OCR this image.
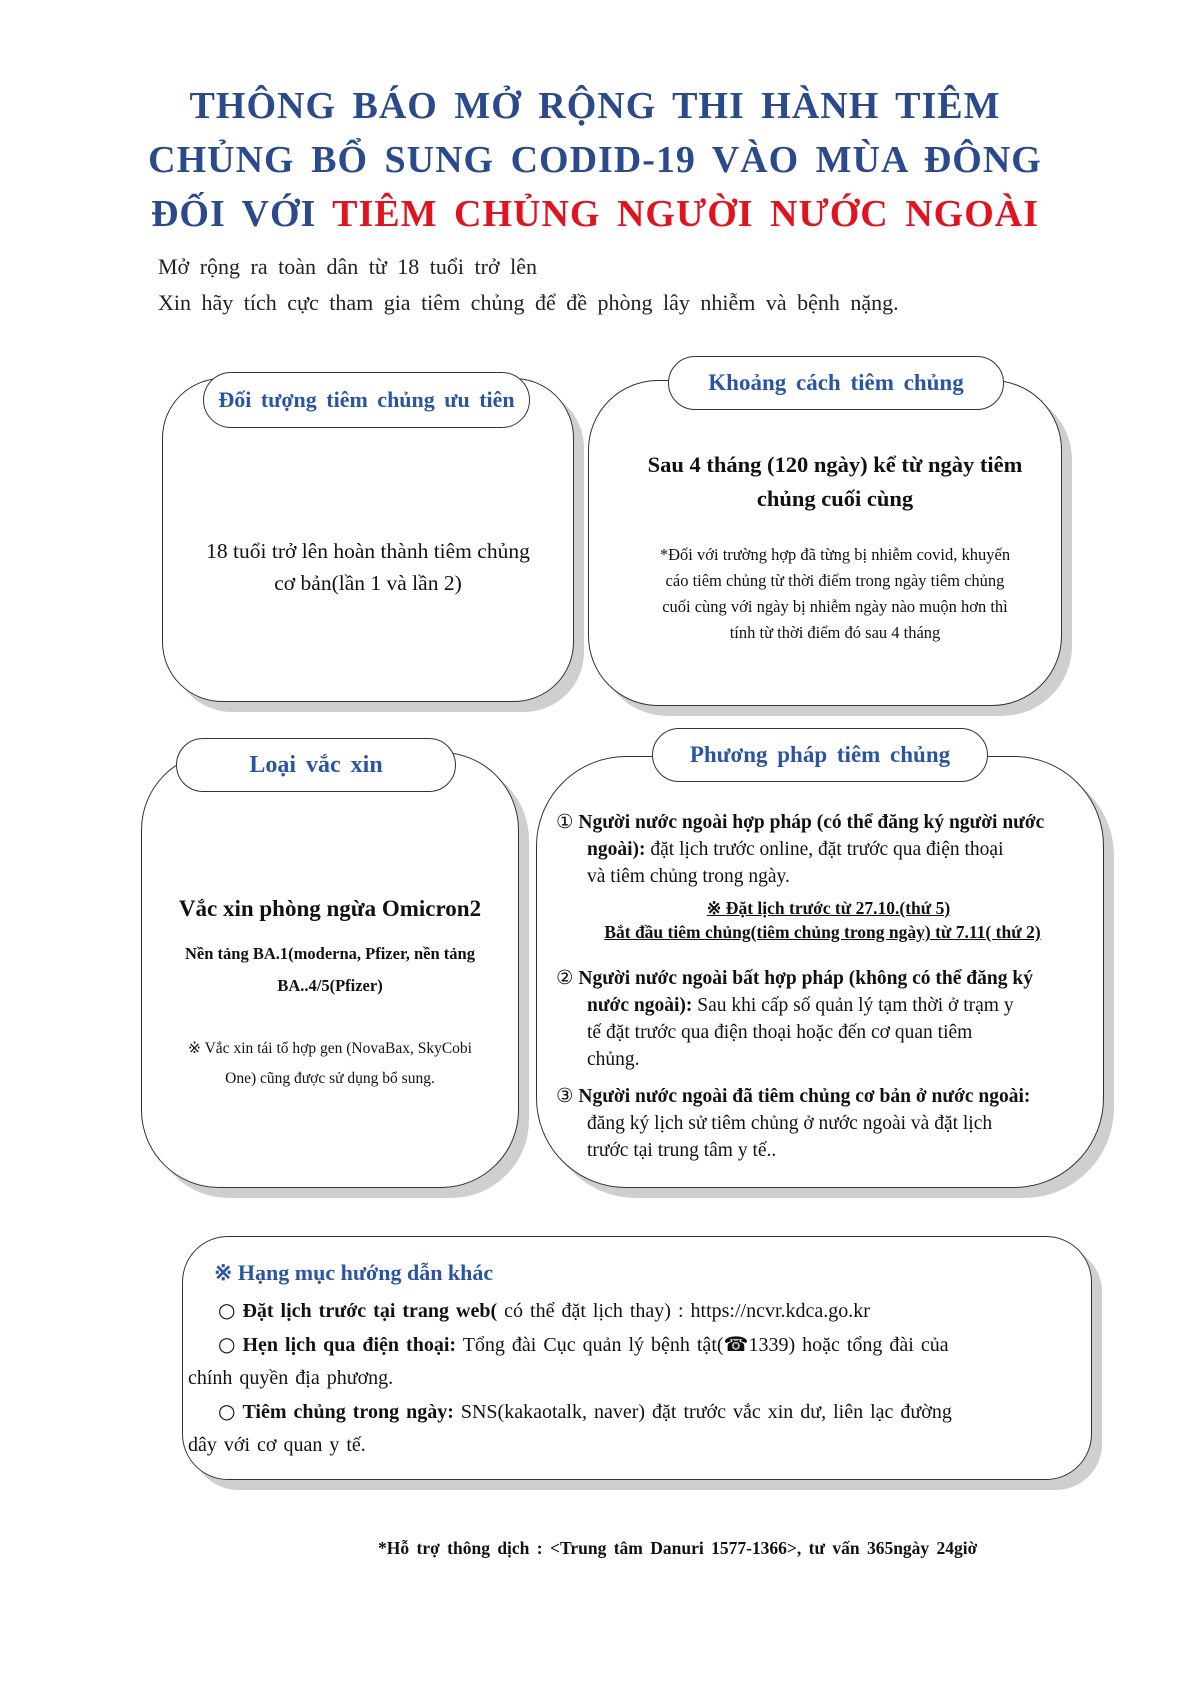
THÔNG BÁO MỞ RỘNG THI HÀNH TIÊM
CHỦNG BỔ SUNG CODID-19 VÀO MÙA ĐÔNG
ĐỐI VỚI TIÊM CHỦNG NGƯỜI NƯỚC NGOÀI

Mở rộng ra toàn dân từ 18 tuổi trở lên

Xin hãy tích cực tham gia tiêm chủng để đề phòng lây nhiễm và bệnh nặng.

Đối tượng tiêm chủng ưu tiên

18 tuổi trở lên hoàn thành tiêm chủng
cơ bản(lần 1 và lần 2)

Khoảng cách tiêm chủng

Sau 4 tháng (120 ngày) kể từ ngày tiêm
chủng cuối cùng

*Đối với trường hợp đã từng bị nhiễm covid, khuyến
cáo tiêm chủng từ thời điểm trong ngày tiêm chủng
cuối cùng với ngày bị nhiễm ngày nào muộn hơn thì
tính từ thời điểm đó sau 4 tháng

Loại vắc xin

Vắc xin phòng ngừa Omicron2

Nền tảng BA.1(moderna, Pfizer, nền tảng
BA..4/5(Pfizer)

※ Vắc xin tái tổ hợp gen (NovaBax, SkyCobi
One) cũng được sử dụng bổ sung.

Phương pháp tiêm chủng
① Người nước ngoài hợp pháp (có thể đăng ký người nước
ngoài): đặt lịch trước online, đặt trước qua điện thoại
và tiêm chủng trong ngày.

※ Đặt lịch trước từ 27.10.(thứ 5)

Bắt đầu tiêm chủng(tiêm chủng trong ngày) từ 7.11( thứ 2)

② Người nước ngoài bất hợp pháp (không có thể đăng ký
nước ngoài): Sau khi cấp số quản lý tạm thời ở trạm y
tế đặt trước qua điện thoại hoặc đến cơ quan tiêm
chủng.
③ Người nước ngoài đã tiêm chủng cơ bản ở nước ngoài:
đăng ký lịch sử tiêm chủng ở nước ngoài và đặt lịch
trước tại trung tâm y tế..

※ Hạng mục hướng dẫn khác

○ Đặt lịch trước tại trang web( có thể đặt lịch thay) : https://ncvr.kdca.go.kr
○ Hẹn lịch qua điện thoại: Tổng đài Cục quản lý bệnh tật(☎1339) hoặc tổng đài của
chính quyền địa phương.
○ Tiêm chủng trong ngày: SNS(kakaotalk, naver) đặt trước vắc xin dư, liên lạc đường
dây với cơ quan y tế.

*Hỗ trợ thông dịch : <Trung tâm Danuri 1577-1366>, tư vấn 365ngày 24giờ
